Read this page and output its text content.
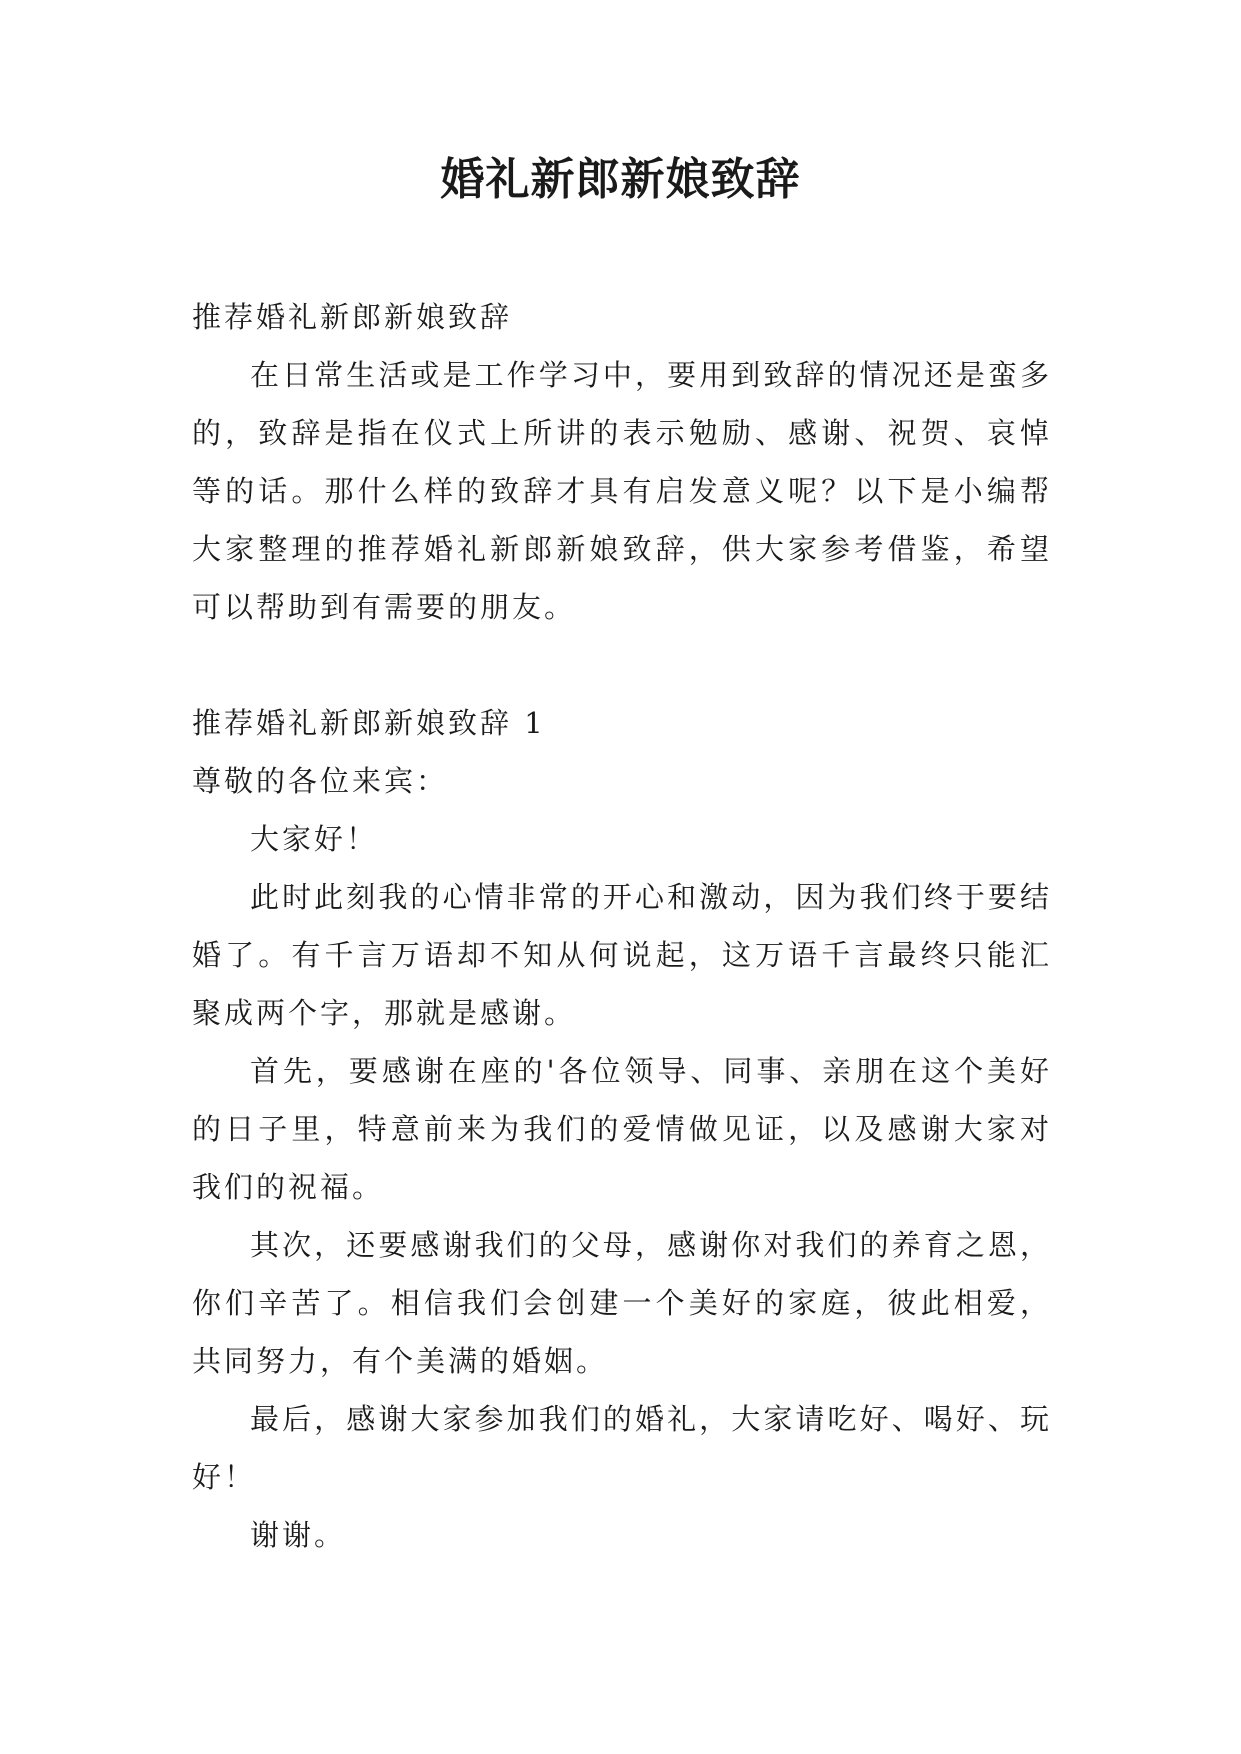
婚礼新郎新娘致辞

推荐婚礼新郎新娘致辞

在日常生活或是工作学习中，要用到致辞的情况还是蛮多的，致辞是指在仪式上所讲的表示勉励、感谢、祝贺、哀悼等的话。那什么样的致辞才具有启发意义呢？以下是小编帮大家整理的推荐婚礼新郎新娘致辞，供大家参考借鉴，希望可以帮助到有需要的朋友。

推荐婚礼新郎新娘致辞 1

尊敬的各位来宾：

大家好！

此时此刻我的心情非常的开心和激动，因为我们终于要结婚了。有千言万语却不知从何说起，这万语千言最终只能汇聚成两个字，那就是感谢。

首先，要感谢在座的'各位领导、同事、亲朋在这个美好的日子里，特意前来为我们的爱情做见证，以及感谢大家对我们的祝福。

其次，还要感谢我们的父母，感谢你对我们的养育之恩，你们辛苦了。相信我们会创建一个美好的家庭，彼此相爱，共同努力，有个美满的婚姻。

最后，感谢大家参加我们的婚礼，大家请吃好、喝好、玩好！

谢谢。
